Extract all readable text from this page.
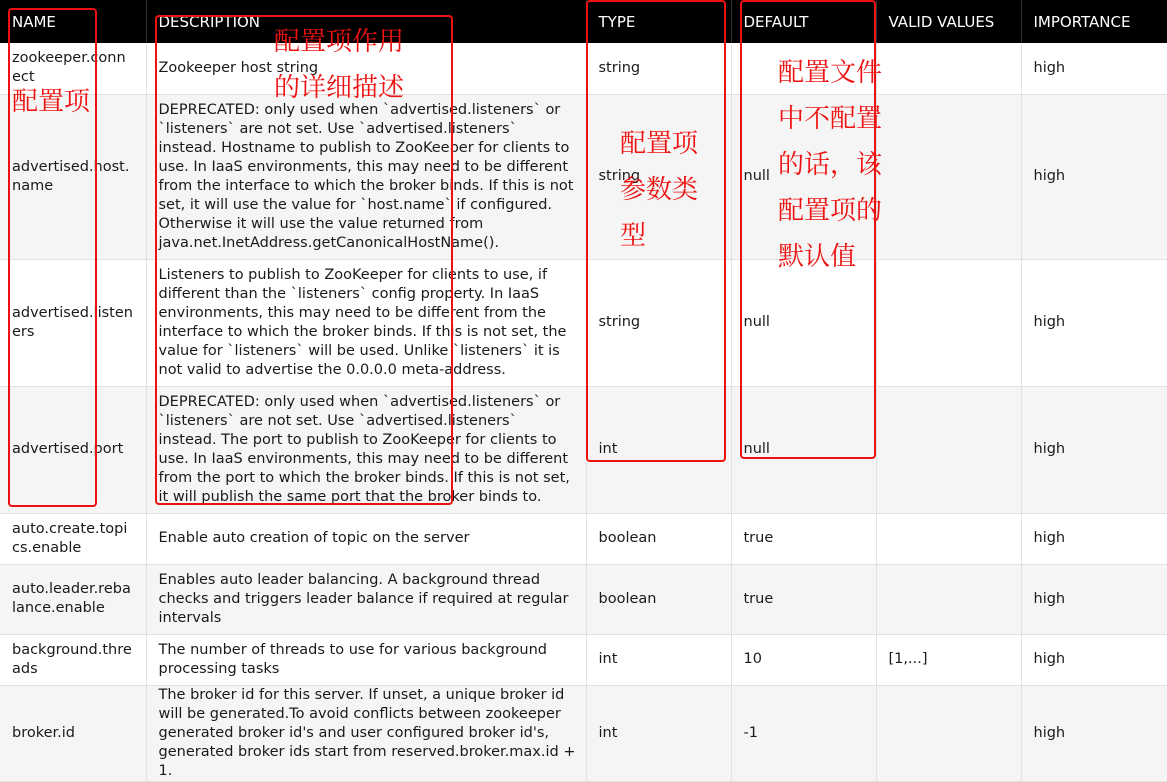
NAME	DESCRIPTION	TYPE	DEFAULT	VALID VALUES	IMPORTANCE
zookeeper.connect	Zookeeper host string	string			high
advertised.host.name	DEPRECATED: only used when `advertised.listeners` or `listeners` are not set. Use `advertised.listeners` instead. Hostname to publish to ZooKeeper for clients to use. In IaaS environments, this may need to be different from the interface to which the broker binds. If this is not set, it will use the value for `host.name` if configured. Otherwise it will use the value returned from java.net.InetAddress.getCanonicalHostName().	string	null		high
advertised.listeners	Listeners to publish to ZooKeeper for clients to use, if different than the `listeners` config property. In IaaS environments, this may need to be different from the interface to which the broker binds. If this is not set, the value for `listeners` will be used. Unlike `listeners` it is not valid to advertise the 0.0.0.0 meta-address.	string	null		high
advertised.port	DEPRECATED: only used when `advertised.listeners` or `listeners` are not set. Use `advertised.listeners` instead. The port to publish to ZooKeeper for clients to use. In IaaS environments, this may need to be different from the port to which the broker binds. If this is not set, it will publish the same port that the broker binds to.	int	null		high
auto.create.topics.enable	Enable auto creation of topic on the server	boolean	true		high
auto.leader.rebalance.enable	Enables auto leader balancing. A background thread checks and triggers leader balance if required at regular intervals	boolean	true		high
background.threads	The number of threads to use for various background processing tasks	int	10	[1,...]	high
broker.id	The broker id for this server. If unset, a unique broker id will be generated.To avoid conflicts between zookeeper generated broker id's and user configured broker id's, generated broker ids start from reserved.broker.max.id + 1.	int	-1		high
配置项
配置项作用
的详细描述
配置项
参数类
型
配置文件
中不配置
的话，该
配置项的
默认值
